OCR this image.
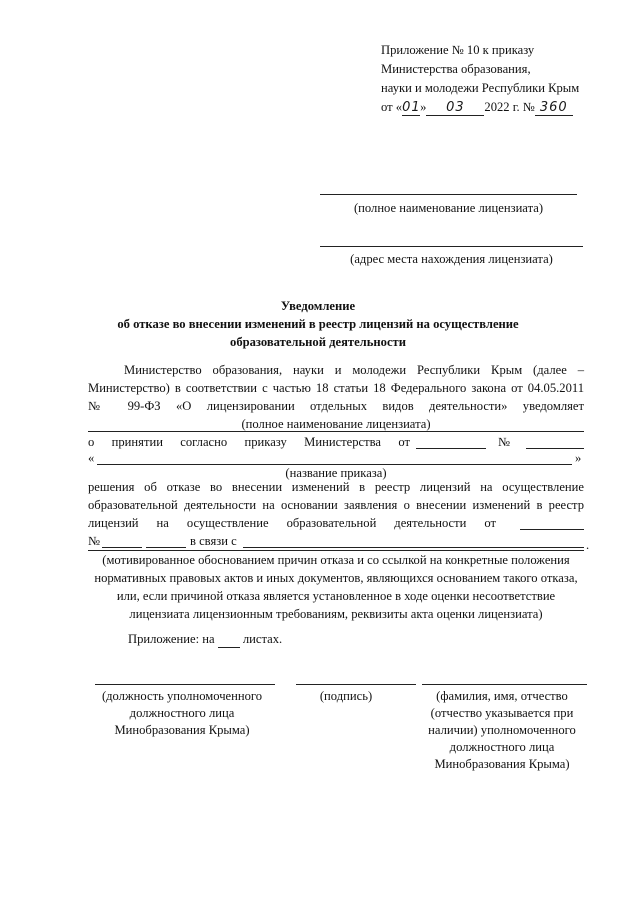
Приложение № 10 к приказу
Министерства образования,
науки и молодежи Республики Крым
от «01» 03 2022 г. № 360
(полное наименование лицензиата)
(адрес места нахождения лицензиата)
Уведомление
об отказе во внесении изменений в реестр лицензий на осуществление
образовательной деятельности
Министерство образования, науки и молодежи Республики Крым (далее –
Министерство) в соответствии с частью 18 статьи 18 Федерального закона от 04.05.2011
№ 99-ФЗ «О лицензировании отдельных видов деятельности» уведомляет
(полное наименование лицензиата)
о принятии согласно приказу Министерства от	№
«	»
(название приказа)
решения об отказе во внесении изменений в реестр лицензий на осуществление
образовательной деятельности на основании заявления о внесении изменений в реестр
лицензий на осуществление образовательной деятельности от
№	в связи с	.
(мотивированное обоснованием причин отказа и со ссылкой на конкретные положения
нормативных правовых актов и иных документов, являющихся основанием такого отказа,
или, если причиной отказа является установленное в ходе оценки несоответствие
лицензиата лицензионным требованиям, реквизиты акта оценки лицензиата)
Приложение: на листах.
(должность уполномоченного
должностного лица
Минобразования Крыма)
(подпись)	(фамилия, имя, отчество
(отчество указывается при
наличии) уполномоченного
должностного лица
Минобразования Крыма)
